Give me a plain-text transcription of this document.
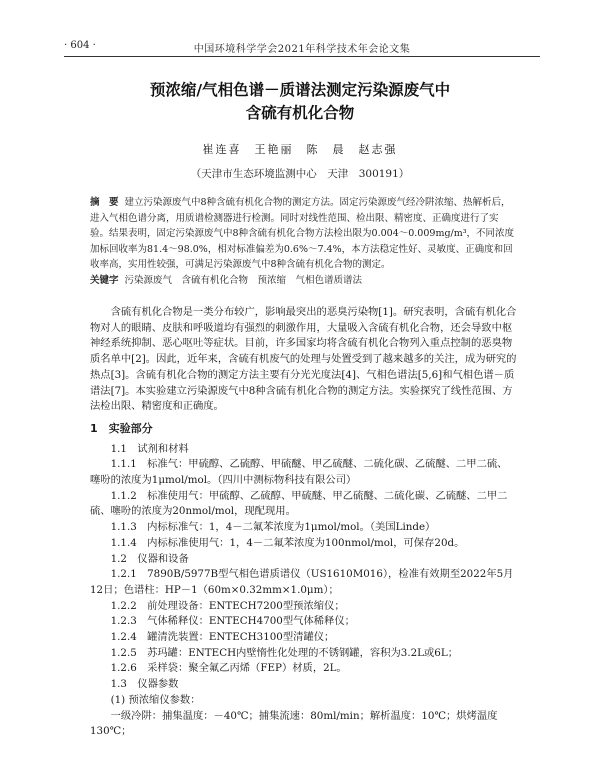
· 604 ·	中国环境科学学会2021年科学技术年会论文集
预浓缩/气相色谱－质谱法测定污染源废气中
含硫有机化合物
崔连喜　王艳丽　陈　晨　赵志强
（天津市生态环境监测中心　天津　300191）
摘　要 建立污染源废气中8种含硫有机化合物的测定方法。固定污染源废气经冷阱浓缩、热解析后，进入气相色谱分离，用质谱检测器进行检测。同时对线性范围、检出限、精密度、正确度进行了实验。结果表明，固定污染源废气中8种含硫有机化合物方法检出限为0.004～0.009mg/m³，不同浓度加标回收率为81.4～98.0%，相对标准偏差为0.6%～7.4%，本方法稳定性好、灵敏度、正确度和回收率高，实用性较强，可满足污染源废气中8种含硫有机化合物的测定。
关键字 污染源废气　含硫有机化合物　预浓缩　气相色谱质谱法

含硫有机化合物是一类分布较广，影响最突出的恶臭污染物[1]。研究表明，含硫有机化合物对人的眼睛、皮肤和呼吸道均有强烈的刺激作用，大量吸入含硫有机化合物，还会导致中枢神经系统抑制、恶心呕吐等症状。目前，许多国家均将含硫有机化合物列入重点控制的恶臭物质名单中[2]。因此，近年来，含硫有机废气的处理与处置受到了越来越多的关注，成为研究的热点[3]。含硫有机化合物的测定方法主要有分光光度法[4]、气相色谱法[5,6]和气相色谱－质谱法[7]。本实验建立污染源废气中8种含硫有机化合物的测定方法。实验探究了线性范围、方法检出限、精密度和正确度。

1　实验部分

1.1　试剂和材料

1.1.1　标准气：甲硫醇、乙硫醇、甲硫醚、甲乙硫醚、二硫化碳、乙硫醚、二甲二硫、噻吩的浓度为1μmol/mol。（四川中测标物科技有限公司）

1.1.2　标准使用气：甲硫醇、乙硫醇、甲硫醚、甲乙硫醚、二硫化碳、乙硫醚、二甲二硫、噻吩的浓度为20nmol/mol，现配现用。

1.1.3　内标标准气：1，4－二氟苯浓度为1μmol/mol。（美国Linde）

1.1.4　内标标准使用气：1，4－二氟苯浓度为100nmol/mol，可保存20d。

1.2　仪器和设备

1.2.1　7890B/5977B型气相色谱质谱仪（US1610M016），检准有效期至2022年5月12日；色谱柱：HP－1（60m×0.32mm×1.0μm）；

1.2.2　前处理设备：ENTECH7200型预浓缩仪；

1.2.3　气体稀释仪：ENTECH4700型气体稀释仪；

1.2.4　罐清洗装置：ENTECH3100型清罐仪；

1.2.5　苏玛罐：ENTECH内壁惰性化处理的不锈钢罐，容积为3.2L或6L；

1.2.6　采样袋：聚全氟乙丙烯（FEP）材质，2L。

1.3　仪器参数

(1) 预浓缩仪参数：

一级冷阱：捕集温度：－40℃；捕集流速：80ml/min；解析温度：10℃；烘烤温度130℃；
